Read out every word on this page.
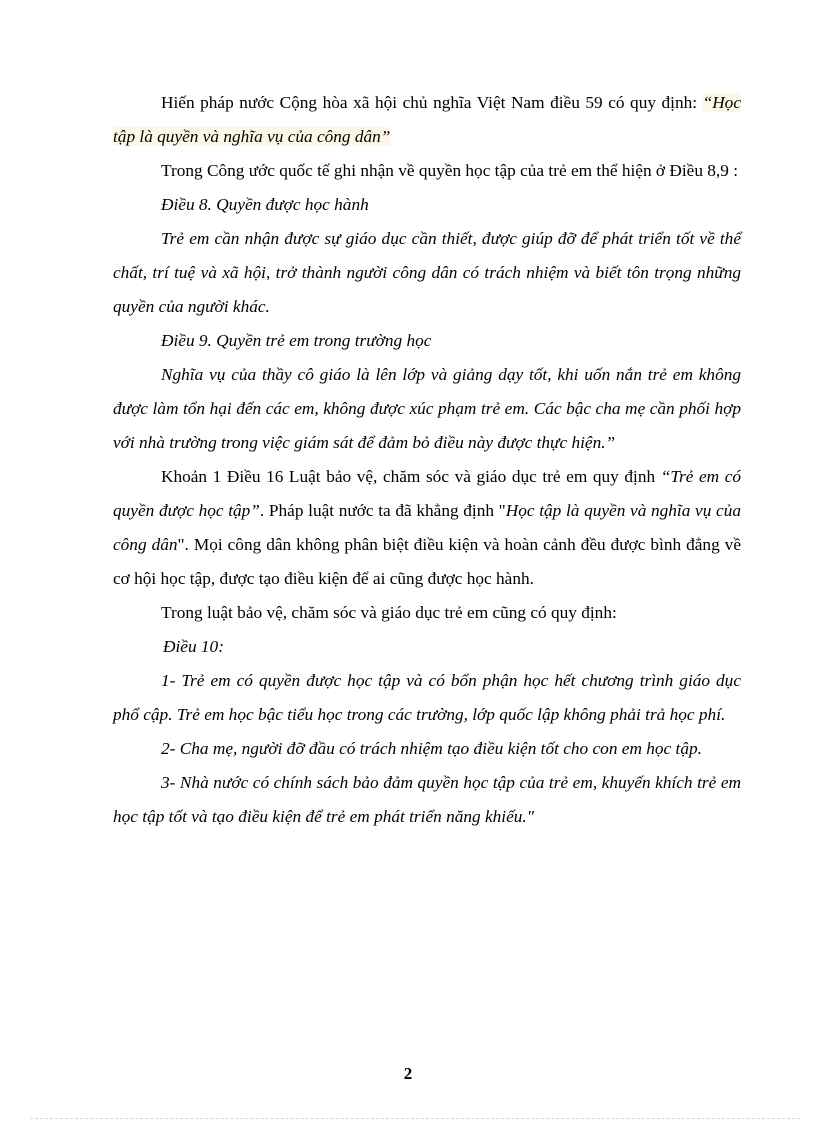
Hiến pháp nước Cộng hòa xã hội chủ nghĩa Việt Nam điều 59 có quy định: “Học tập là quyền và nghĩa vụ của công dân”

Trong Công ước quốc tế ghi nhận về quyền học tập của trẻ em thể hiện ở Điều 8,9 :

Điều 8. Quyền được học hành

Trẻ em cần nhận được sự giáo dục cần thiết, được giúp đỡ để phát triển tốt về thể chất, trí tuệ và xã hội, trở thành người công dân có trách nhiệm và biết tôn trọng những quyền của người khác.

Điều 9. Quyền trẻ em trong trường học

Nghĩa vụ của thầy cô giáo là lên lớp và giảng dạy tốt, khi uốn nắn trẻ em không được làm tổn hại đến các em, không được xúc phạm trẻ em. Các bậc cha mẹ cần phối hợp với nhà trường trong việc giám sát để đảm bỏ điều này được thực hiện.”

Khoản 1 Điều 16 Luật bảo vệ, chăm sóc và giáo dục trẻ em quy định “Trẻ em có quyền được học tập”. Pháp luật nước ta đã khẳng định "Học tập là quyền và nghĩa vụ của công dân". Mọi công dân không phân biệt điều kiện và hoàn cảnh đều được bình đẳng về cơ hội học tập, được tạo điều kiện để ai cũng được học hành.

Trong luật bảo vệ, chăm sóc và giáo dục trẻ em cũng có quy định:

Điều 10:

1- Trẻ em có quyền được học tập và có bổn phận học hết chương trình giáo dục phổ cập. Trẻ em học bậc tiểu học trong các trường, lớp quốc lập không phải trả học phí.

2- Cha mẹ, người đỡ đầu có trách nhiệm tạo điều kiện tốt cho con em học tập.

3- Nhà nước có chính sách bảo đảm quyền học tập của trẻ em, khuyến khích trẻ em học tập tốt và tạo điều kiện để trẻ em phát triển năng khiếu."

2
